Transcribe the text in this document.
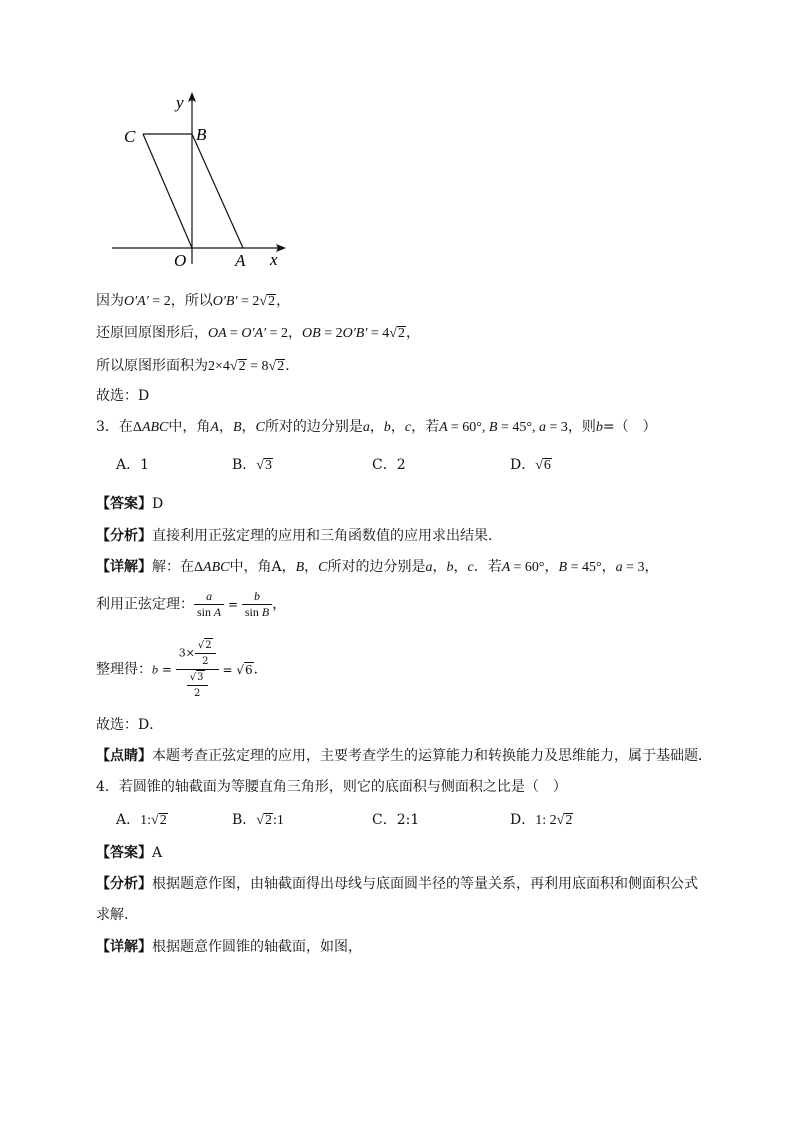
y
x
C	B
O	A
因为O′A′ = 2，所以O′B′ = 2√2，
还原回原图形后，OA = O′A′ = 2，OB = 2O′B′ = 4√2，
所以原图形面积为2×4√2 = 8√2.
故选：D
3．在ΔABC中，角A，B，C所对的边分别是a，b，c，若A = 60°, B = 45°, a = 3，则b=（　）
A．1	B．√3	C．2	D．√6
【答案】D
【分析】直接利用正弦定理的应用和三角函数值的应用求出结果．
【详解】解：在ΔABC中，角A，B，C所对的边分别是a，b，c．若A = 60°，B = 45°，a = 3，
利用正弦定理： $\frac{a}{\text{sin A}} = \frac{b}{\text{sin B}}$ ，
整理得：$b = \frac{3\times \frac{√2}{2}}{\frac{√3}{2}} = √6$．
故选：D．
【点睛】本题考查正弦定理的应用，主要考查学生的运算能力和转换能力及思维能力，属于基础题．
4．若圆锥的轴截面为等腰直角三角形，则它的底面积与侧面积之比是（　）
A．1:√2	B．√2:1	C．2:1	D．1: 2√2
【答案】A
【分析】根据题意作图，由轴截面得出母线与底面圆半径的等量关系，再利用底面积和侧面积公式
求解.
【详解】根据题意作圆锥的轴截面，如图，
